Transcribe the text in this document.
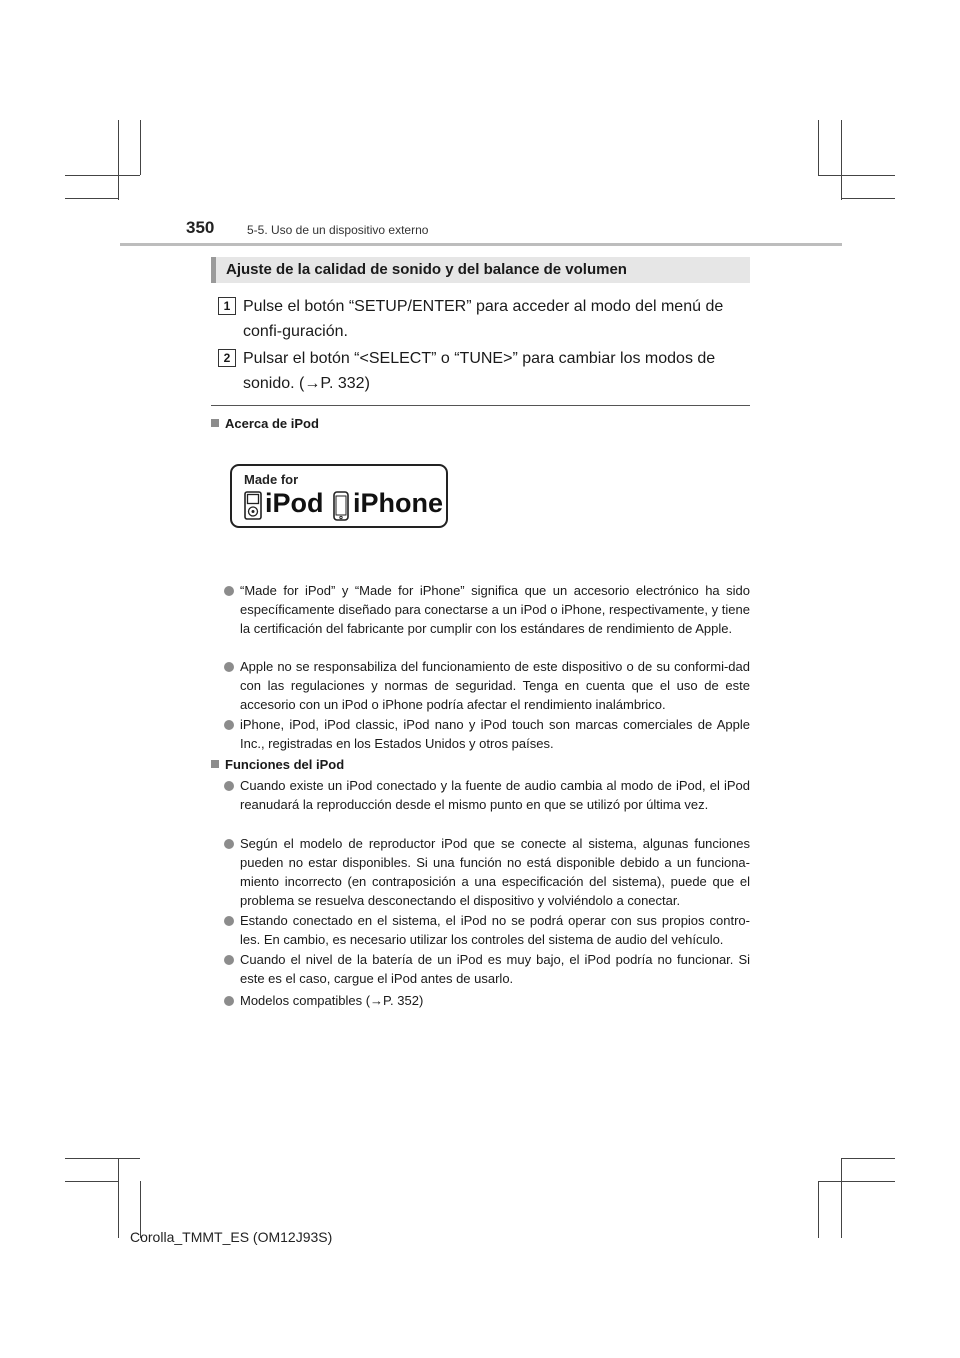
350	5-5. Uso de un dispositivo externo
Ajuste de la calidad de sonido y del balance de volumen
1 Pulse el botón “SETUP/ENTER” para acceder al modo del menú de confi-guración.
2 Pulsar el botón “<SELECT” o “TUNE>” para cambiar los modos de sonido. (→P. 332)
Acerca de iPod
Made for
iPod iPhone
“Made for iPod” y “Made for iPhone” significa que un accesorio electrónico ha sido específicamente diseñado para conectarse a un iPod o iPhone, respectivamente, y tiene la certificación del fabricante por cumplir con los estándares de rendimiento de Apple.
Apple no se responsabiliza del funcionamiento de este dispositivo o de su conformi-dad con las regulaciones y normas de seguridad. Tenga en cuenta que el uso de este accesorio con un iPod o iPhone podría afectar el rendimiento inalámbrico.
iPhone, iPod, iPod classic, iPod nano y iPod touch son marcas comerciales de Apple Inc., registradas en los Estados Unidos y otros países.
Funciones del iPod
Cuando existe un iPod conectado y la fuente de audio cambia al modo de iPod, el iPod reanudará la reproducción desde el mismo punto en que se utilizó por última vez.
Según el modelo de reproductor iPod que se conecte al sistema, algunas funciones pueden no estar disponibles. Si una función no está disponible debido a un funciona-miento incorrecto (en contraposición a una especificación del sistema), puede que el problema se resuelva desconectando el dispositivo y volviéndolo a conectar.
Estando conectado en el sistema, el iPod no se podrá operar con sus propios contro-les. En cambio, es necesario utilizar los controles del sistema de audio del vehículo.
Cuando el nivel de la batería de un iPod es muy bajo, el iPod podría no funcionar. Si este es el caso, cargue el iPod antes de usarlo.
Modelos compatibles (→P. 352)
Corolla_TMMT_ES (OM12J93S)
